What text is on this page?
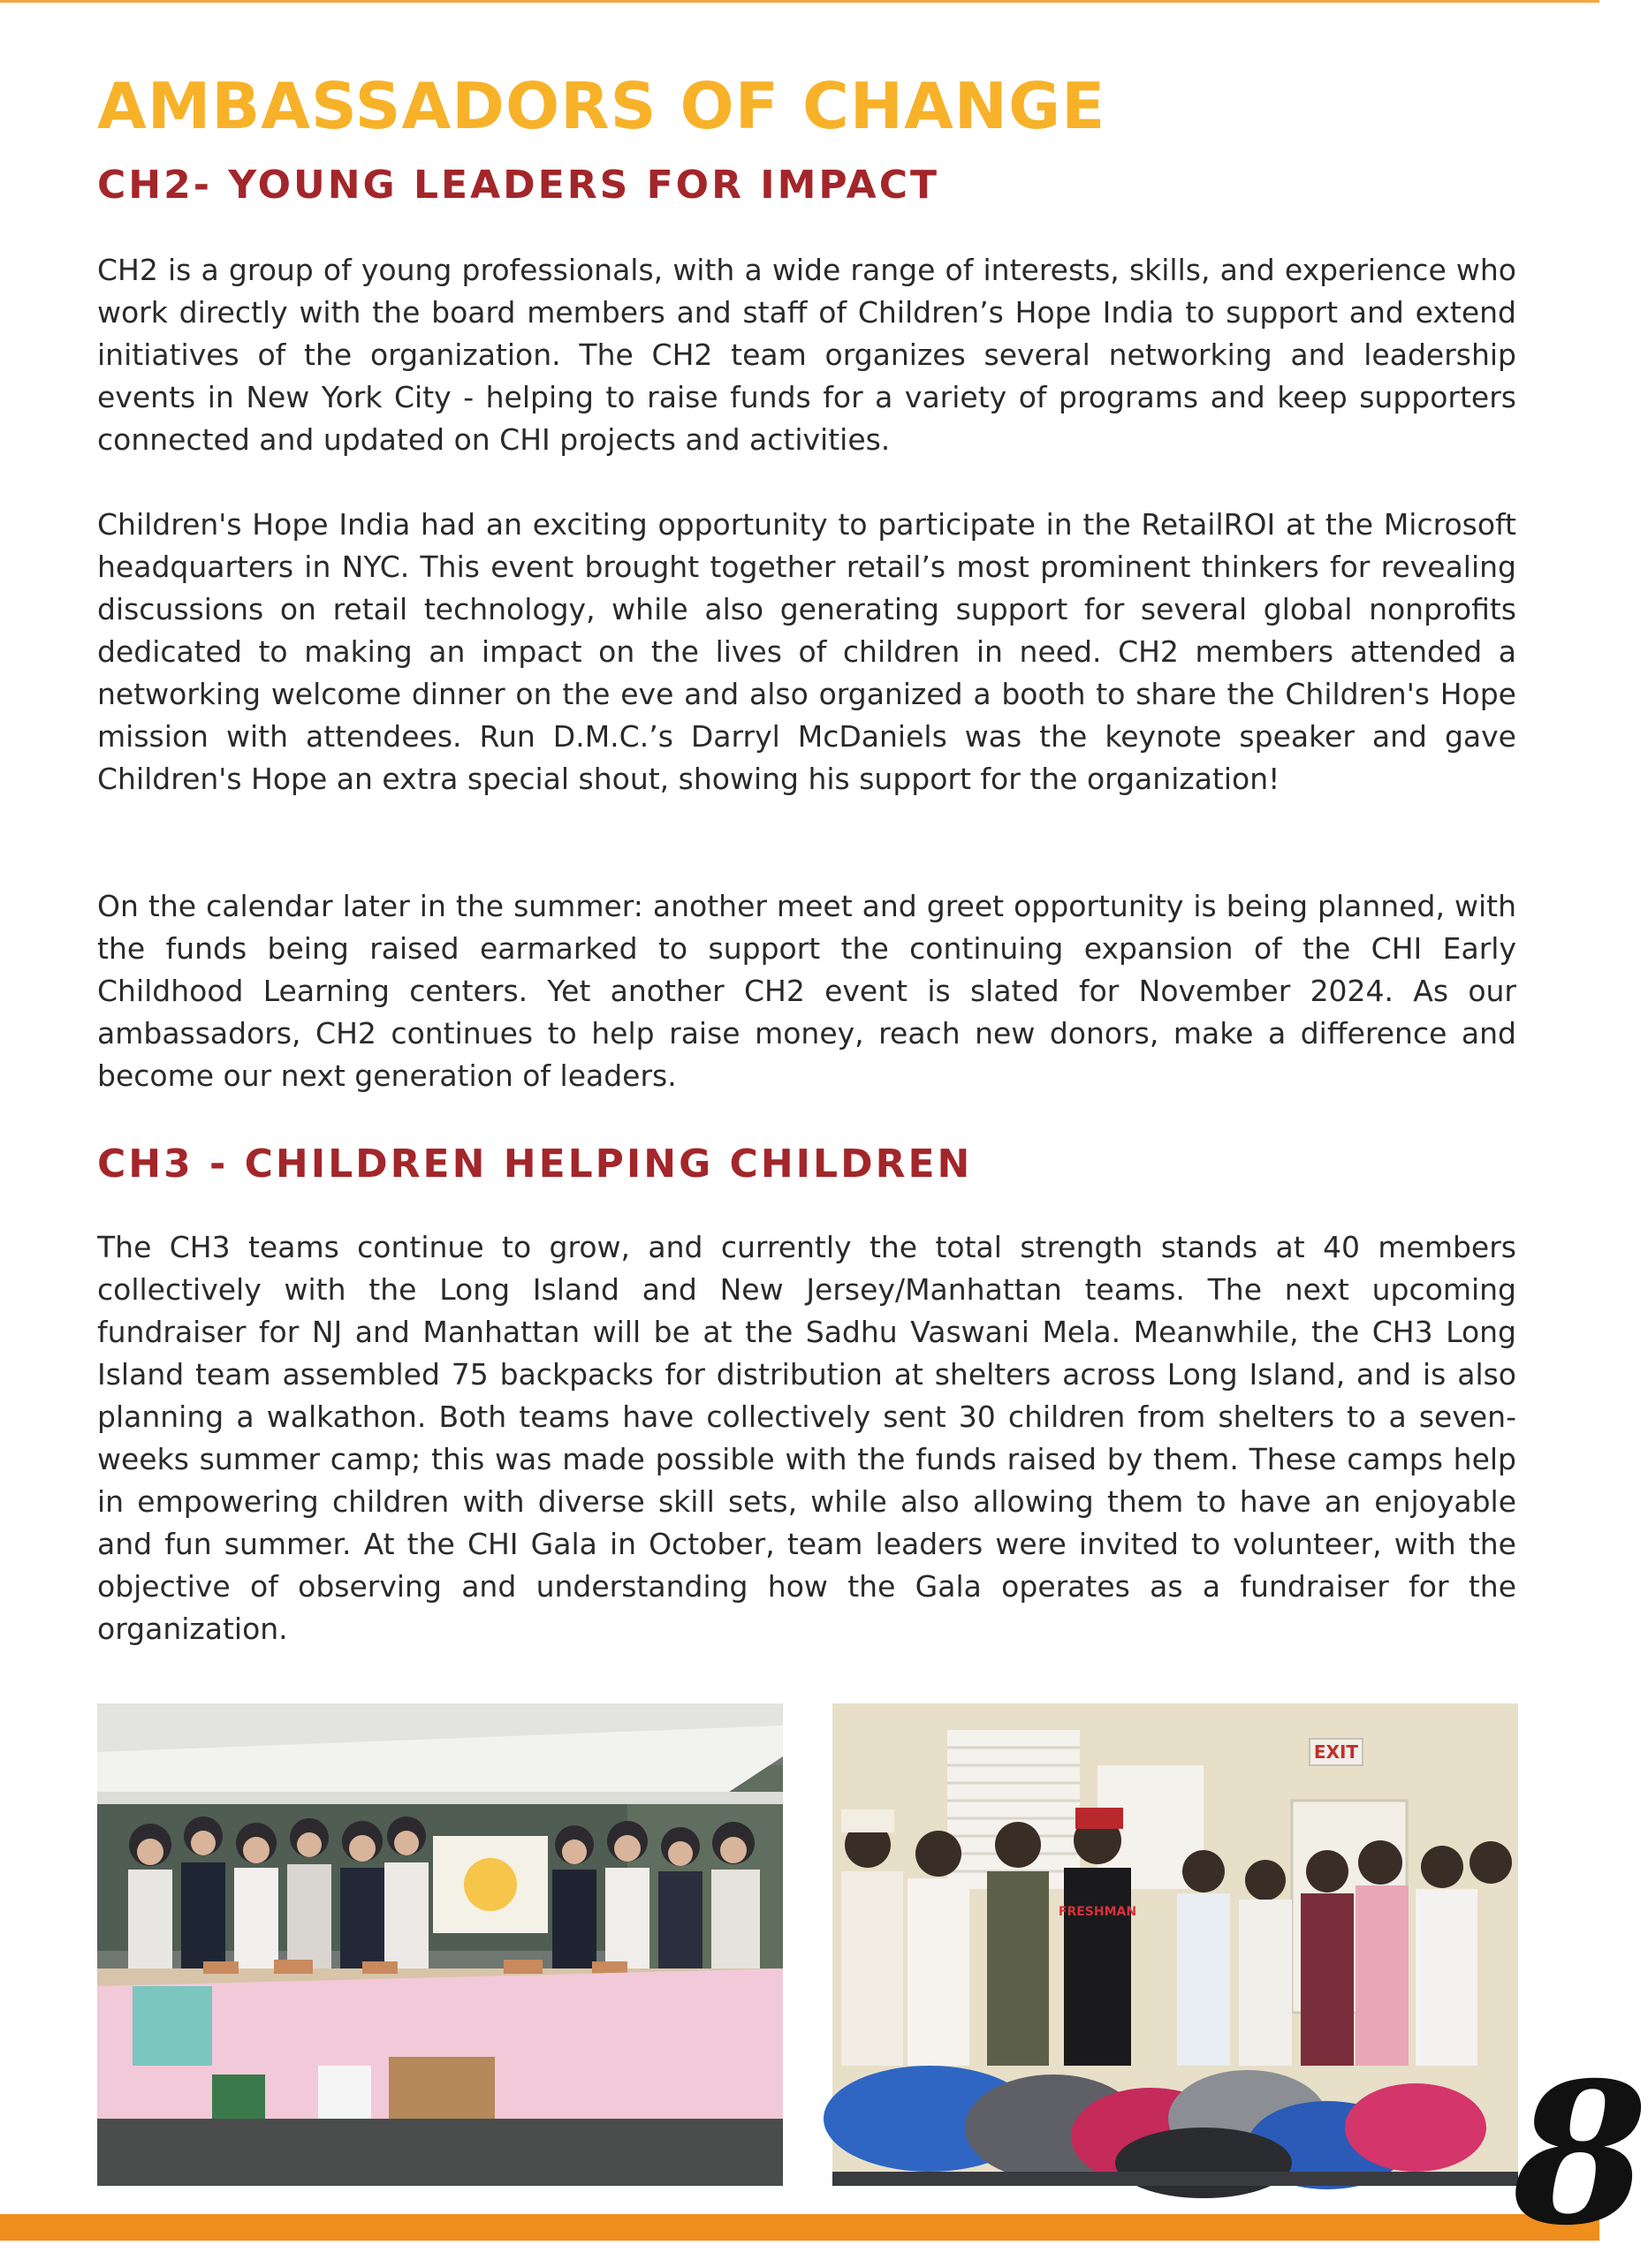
AMBASSADORS OF CHANGE
CH2- YOUNG LEADERS FOR IMPACT

CH2 is a group of young professionals, with a wide range of interests, skills, and experience who work directly with the board members and staff of Children’s Hope India to support and extend initiatives of the organization. The CH2 team organizes several networking and leadership events in New York City - helping to raise funds for a variety of programs and keep supporters connected and updated on CHI projects and activities.

Children's Hope India had an exciting opportunity to participate in the RetailROI at the Microsoft headquarters in NYC. This event brought together retail’s most prominent thinkers for revealing discussions on retail technology, while also generating support for several global nonprofits dedicated to making an impact on the lives of children in need. CH2 members attended a networking welcome dinner on the eve and also organized a booth to share the Children's Hope mission with attendees. Run D.M.C.’s Darryl McDaniels was the keynote speaker and gave Children's Hope an extra special shout, showing his support for the organization!

On the calendar later in the summer: another meet and greet opportunity is being planned, with the funds being raised earmarked to support the continuing expansion of the CHI Early Childhood Learning centers. Yet another CH2 event is slated for November 2024. As our ambassadors, CH2 continues to help raise money, reach new donors, make a difference and become our next generation of leaders.

CH3 - CHILDREN HELPING CHILDREN

The CH3 teams continue to grow, and currently the total strength stands at 40 members collectively with the Long Island and New Jersey/Manhattan teams. The next upcoming fundraiser for NJ and Manhattan will be at the Sadhu Vaswani Mela. Meanwhile, the CH3 Long Island team assembled 75 backpacks for distribution at shelters across Long Island, and is also planning a walkathon. Both teams have collectively sent 30 children from shelters to a seven-weeks summer camp; this was made possible with the funds raised by them. These camps help in empowering children with diverse skill sets, while also allowing them to have an enjoyable and fun summer. At the CHI Gala in October, team leaders were invited to volunteer, with the objective of observing and understanding how the Gala operates as a fundraiser for the organization.

EXIT
FRESHMAN
8
